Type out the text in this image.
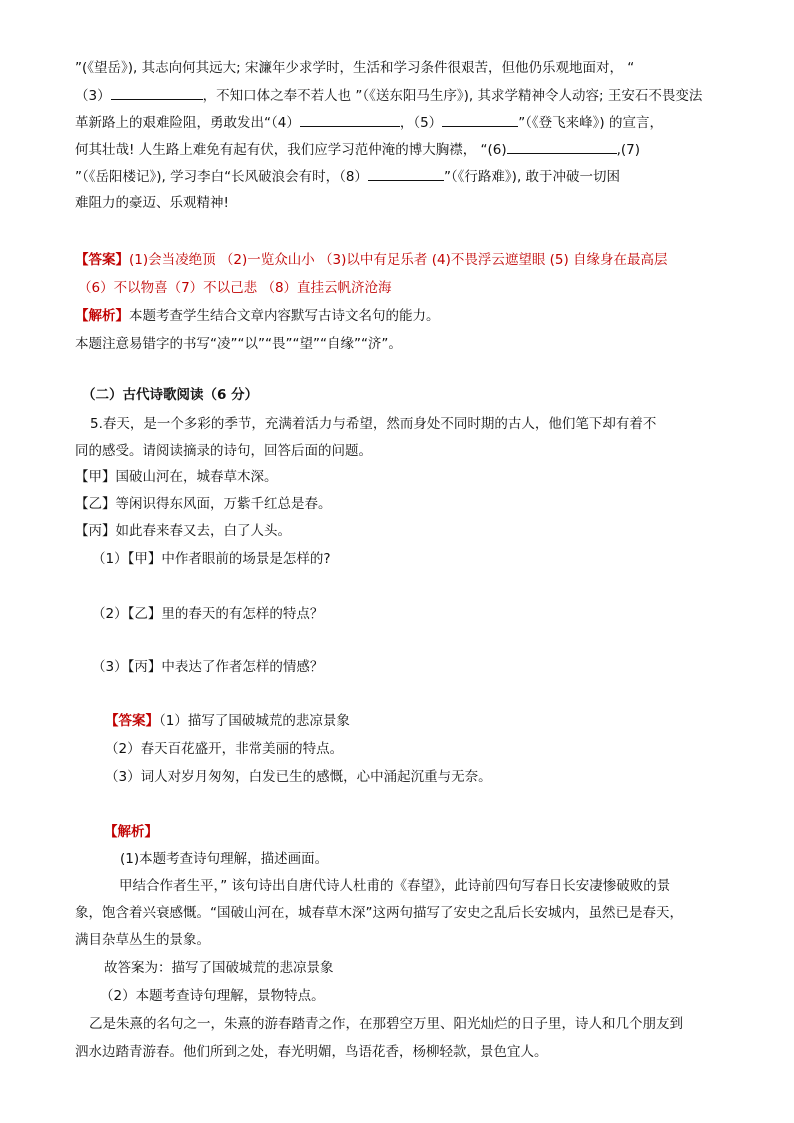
”(《望岳》), 其志向何其远大; 宋濂年少求学时，生活和学习条件很艰苦，但他仍乐观地面对， “
（3）	，不知口体之奉不若人也 ”（《送东阳马生序》), 其求学精神令人动容; 王安石不畏变法
革新路上的艰难险阻，勇敢发出“（4）	，（5）	”（《登飞来峰》) 的宣言，
何其壮哉! 人生路上难免有起有伏，我们应学习范仲淹的博大胸襟， “(6)	,(7)
”（《岳阳楼记》), 学习李白“长风破浪会有时，（8）	”（《行路难》), 敢于冲破一切困
难阻力的豪迈、乐观精神!
【答案】(1)会当凌绝顶 （2)一览众山小 （3)以中有足乐者 (4)不畏浮云遮望眼 (5) 自缘身在最高层
（6）不以物喜（7）不以己悲 （8）直挂云帆济沧海
【解析】本题考查学生结合文章内容默写古诗文名句的能力。
本题注意易错字的书写“凌”“以”“畏”“望”“自缘”“济”。
（二）古代诗歌阅读（6 分）
5.春天，是一个多彩的季节，充满着活力与希望，然而身处不同时期的古人，他们笔下却有着不
同的感受。请阅读摘录的诗句，回答后面的问题。
【甲】国破山河在，城春草木深。
【乙】等闲识得东风面，万紫千红总是春。
【丙】如此春来春又去，白了人头。
（1）【甲】中作者眼前的场景是怎样的?
（2）【乙】里的春天的有怎样的特点？
（3）【丙】中表达了作者怎样的情感？
【答案】（1）描写了国破城荒的悲凉景象
（2）春天百花盛开，非常美丽的特点。
（3）词人对岁月匆匆，白发已生的感慨，心中涌起沉重与无奈。
【解析】
(1)本题考查诗句理解，描述画面。
甲结合作者生平，” 该句诗出自唐代诗人杜甫的《春望》，此诗前四句写春日长安凄惨破败的景
象，饱含着兴衰感慨。“国破山河在，城春草木深”这两句描写了安史之乱后长安城内，虽然已是春天，
满目杂草丛生的景象。
故答案为：描写了国破城荒的悲凉景象
（2）本题考查诗句理解，景物特点。
乙是朱熹的名句之一，朱熹的游春踏青之作，在那碧空万里、阳光灿烂的日子里，诗人和几个朋友到
泗水边踏青游春。他们所到之处，春光明媚，鸟语花香，杨柳轻款，景色宜人。
